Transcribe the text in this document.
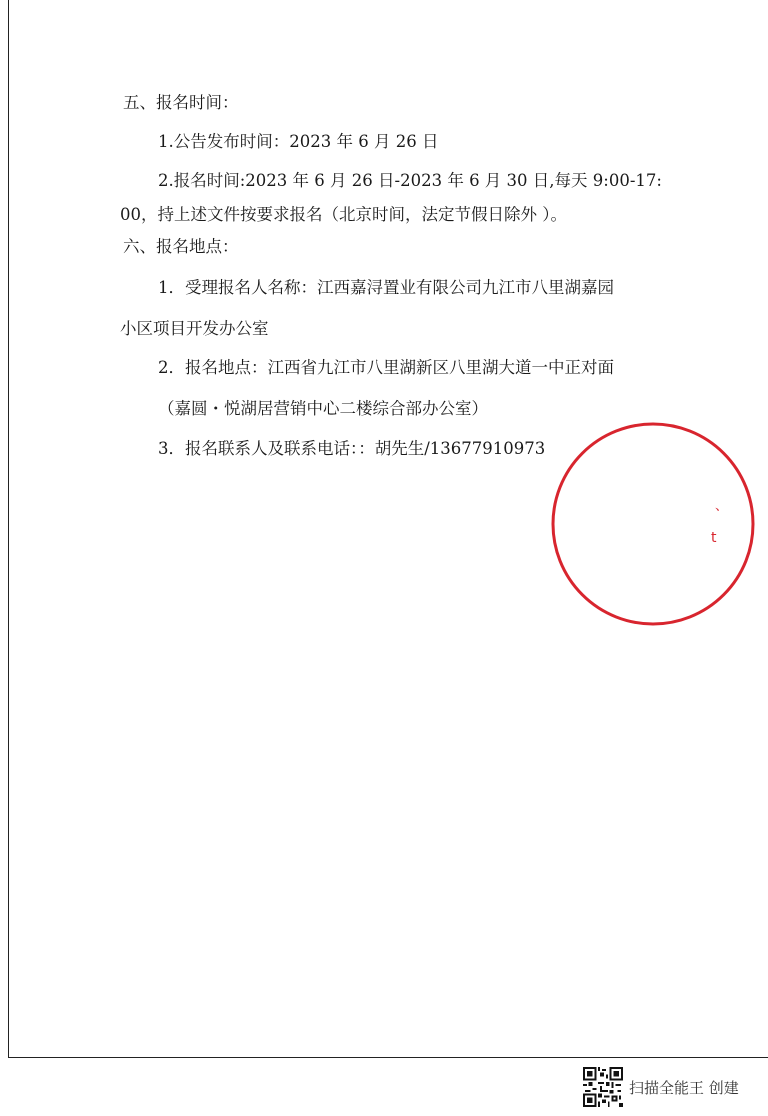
五、报名时间：
1.公告发布时间：2023 年 6 月 26 日
2.报名时间:2023 年 6 月 26 日-2023 年 6 月 30 日,每天 9:00-17:
00，持上述文件按要求报名（北京时间，法定节假日除外 ）。
六、报名地点：
1．受理报名人名称：江西嘉浔置业有限公司九江市八里湖嘉园
小区项目开发办公室
2．报名地点：江西省九江市八里湖新区八里湖大道一中正对面
（嘉圆・悦湖居营销中心二楼综合部办公室）
3．报名联系人及联系电话：：胡先生/13677910973
、
t
扫描全能王 创建
